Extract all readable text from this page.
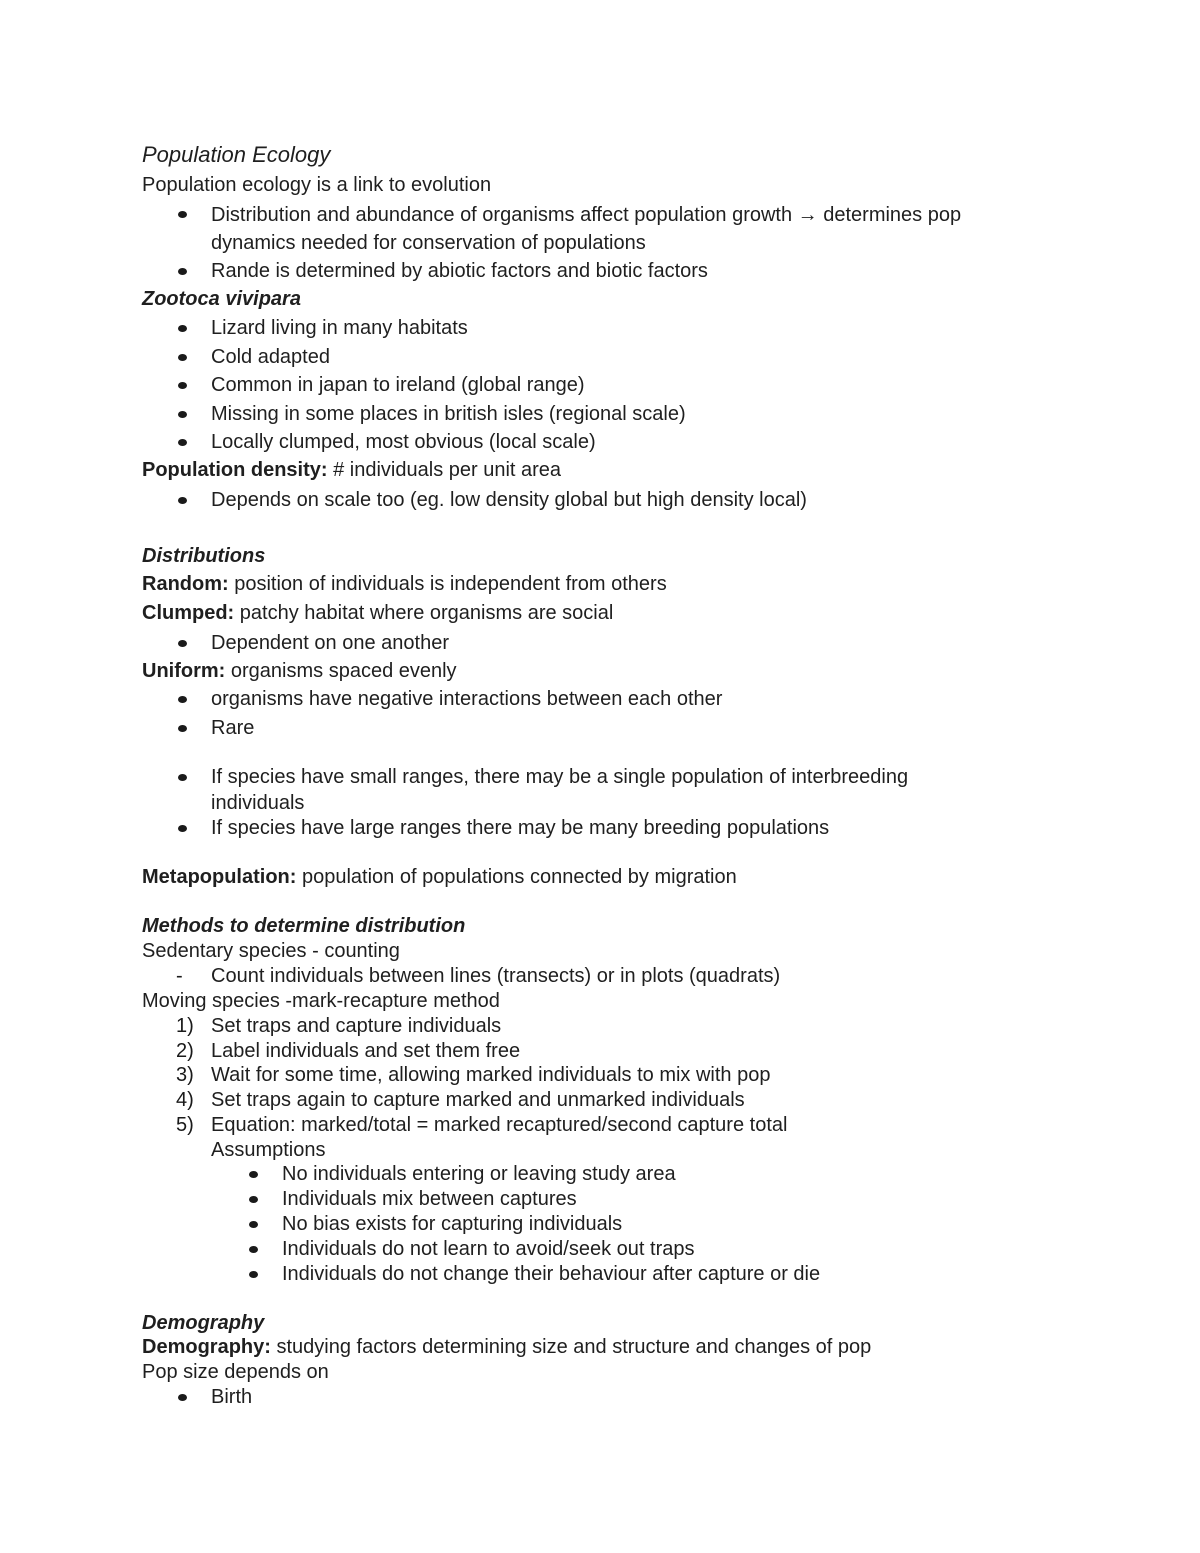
Population Ecology
Population ecology is a link to evolution
Distribution and abundance of organisms affect population growth → determines pop
dynamics needed for conservation of populations
Rande is determined by abiotic factors and biotic factors
Zootoca vivipara
Lizard living in many habitats
Cold adapted
Common in japan to ireland (global range)
Missing in some places in british isles (regional scale)
Locally clumped, most obvious (local scale)
Population density: # individuals per unit area
Depends on scale too (eg. low density global but high density local)
Distributions
Random: position of individuals is independent from others
Clumped: patchy habitat where organisms are social
Dependent on one another
Uniform: organisms spaced evenly
organisms have negative interactions between each other
Rare
If species have small ranges, there may be a single population of interbreeding
individuals
If species have large ranges there may be many breeding populations
Metapopulation: population of populations connected by migration
Methods to determine distribution
Sedentary species - counting
- Count individuals between lines (transects) or in plots (quadrats)
Moving species -mark-recapture method
1) Set traps and capture individuals
2) Label individuals and set them free
3) Wait for some time, allowing marked individuals to mix with pop
4) Set traps again to capture marked and unmarked individuals
5) Equation: marked/total = marked recaptured/second capture total
Assumptions
No individuals entering or leaving study area
Individuals mix between captures
No bias exists for capturing individuals
Individuals do not learn to avoid/seek out traps
Individuals do not change their behaviour after capture or die
Demography
Demography: studying factors determining size and structure and changes of pop
Pop size depends on
Birth
